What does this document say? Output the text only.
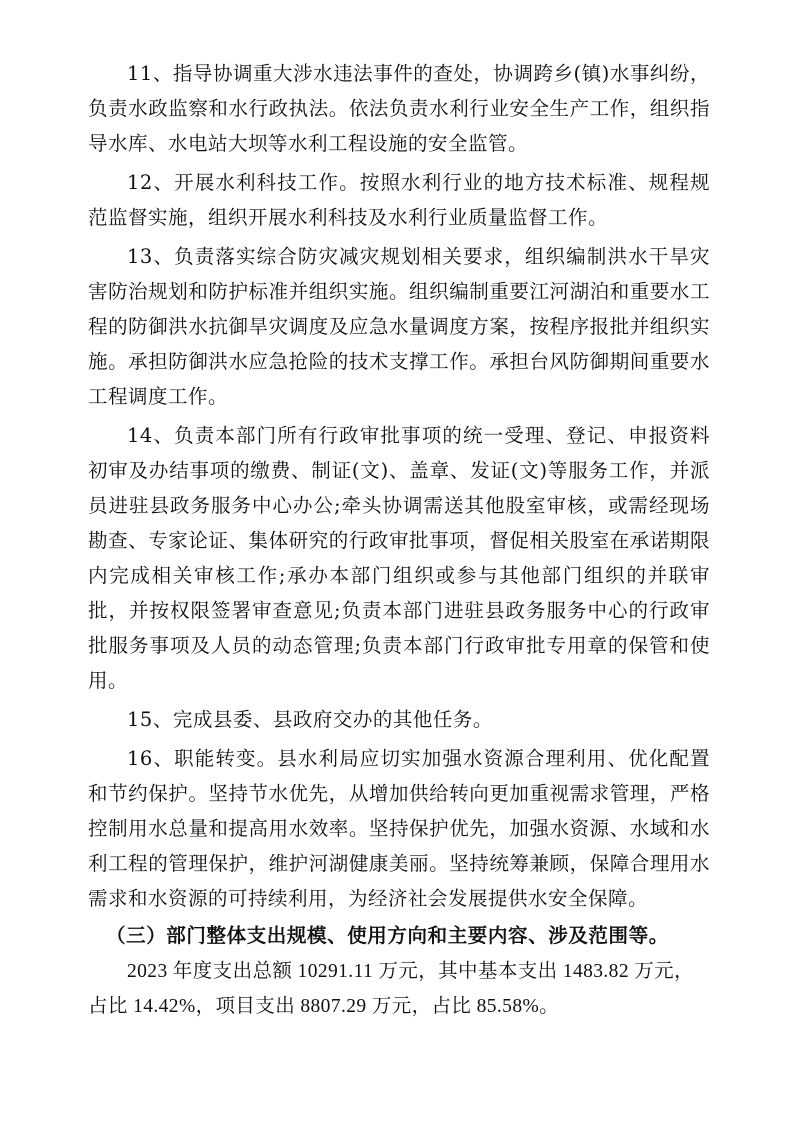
11、指导协调重大涉水违法事件的查处，协调跨乡(镇)水事纠纷，负责水政监察和水行政执法。依法负责水利行业安全生产工作，组织指导水库、水电站大坝等水利工程设施的安全监管。

12、开展水利科技工作。按照水利行业的地方技术标准、规程规范监督实施，组织开展水利科技及水利行业质量监督工作。

13、负责落实综合防灾减灾规划相关要求，组织编制洪水干旱灾害防治规划和防护标准并组织实施。组织编制重要江河湖泊和重要水工程的防御洪水抗御旱灾调度及应急水量调度方案，按程序报批并组织实施。承担防御洪水应急抢险的技术支撑工作。承担台风防御期间重要水工程调度工作。

14、负责本部门所有行政审批事项的统一受理、登记、申报资料初审及办结事项的缴费、制证(文)、盖章、发证(文)等服务工作，并派员进驻县政务服务中心办公;牵头协调需送其他股室审核，或需经现场勘查、专家论证、集体研究的行政审批事项，督促相关股室在承诺期限内完成相关审核工作;承办本部门组织或参与其他部门组织的并联审批，并按权限签署审查意见;负责本部门进驻县政务服务中心的行政审批服务事项及人员的动态管理;负责本部门行政审批专用章的保管和使用。

15、完成县委、县政府交办的其他任务。

16、职能转变。县水利局应切实加强水资源合理利用、优化配置和节约保护。坚持节水优先，从增加供给转向更加重视需求管理，严格控制用水总量和提高用水效率。坚持保护优先，加强水资源、水域和水利工程的管理保护，维护河湖健康美丽。坚持统筹兼顾，保障合理用水需求和水资源的可持续利用，为经济社会发展提供水安全保障。

（三）部门整体支出规模、使用方向和主要内容、涉及范围等。

2023 年度支出总额 10291.11 万元，其中基本支出 1483.82 万元，占比 14.42%，项目支出 8807.29 万元，占比 85.58%。
